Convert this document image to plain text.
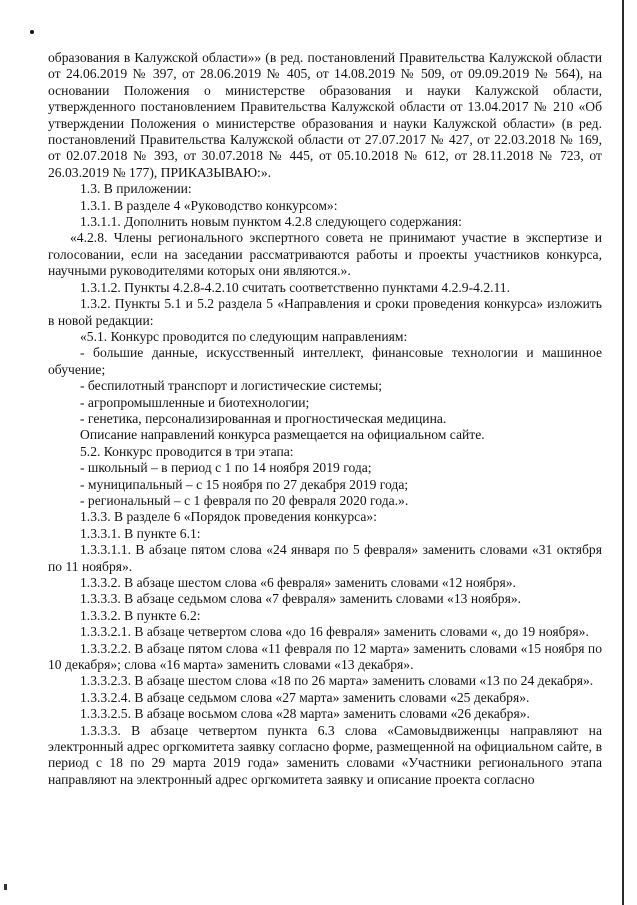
образования в Калужской области»» (в ред. постановлений Правительства Калужской области от 24.06.2019 № 397, от 28.06.2019 № 405, от 14.08.2019 № 509, от 09.09.2019 № 564), на основании Положения о министерстве образования и науки Калужской области, утвержденного постановлением Правительства Калужской области от 13.04.2017 № 210 «Об утверждении Положения о министерстве образования и науки Калужской области» (в ред. постановлений Правительства Калужской области от 27.07.2017 № 427, от 22.03.2018 № 169, от 02.07.2018 № 393, от 30.07.2018 № 445, от 05.10.2018 № 612, от 28.11.2018 № 723, от 26.03.2019 № 177), ПРИКАЗЫВАЮ:».

1.3. В приложении:

1.3.1. В разделе 4 «Руководство конкурсом»:

1.3.1.1. Дополнить новым пунктом 4.2.8 следующего содержания:

«4.2.8. Члены регионального экспертного совета не принимают участие в экспертизе и голосовании, если на заседании рассматриваются работы и проекты участников конкурса, научными руководителями которых они являются.».

1.3.1.2. Пункты 4.2.8-4.2.10 считать соответственно пунктами 4.2.9-4.2.11.

1.3.2. Пункты 5.1 и 5.2 раздела 5 «Направления и сроки проведения конкурса» изложить в новой редакции:

«5.1. Конкурс проводится по следующим направлениям:

- большие данные, искусственный интеллект, финансовые технологии и машинное обучение;

- беспилотный транспорт и логистические системы;

- агропромышленные и биотехнологии;

- генетика, персонализированная и прогностическая медицина.

Описание направлений конкурса размещается на официальном сайте.

5.2. Конкурс проводится в три этапа:

- школьный – в период с 1 по 14 ноября 2019 года;

- муниципальный – с 15 ноября по 27 декабря 2019 года;

- региональный – с 1 февраля по 20 февраля 2020 года.».

1.3.3. В разделе 6 «Порядок проведения конкурса»:

1.3.3.1. В пункте 6.1:

1.3.3.1.1. В абзаце пятом слова «24 января по 5 февраля» заменить словами «31 октября по 11 ноября».

1.3.3.2. В абзаце шестом слова «6 февраля» заменить словами «12 ноября».

1.3.3.3. В абзаце седьмом слова «7 февраля» заменить словами «13 ноября».

1.3.3.2. В пункте 6.2:

1.3.3.2.1. В абзаце четвертом слова «до 16 февраля» заменить словами «, до 19 ноября».

1.3.3.2.2. В абзаце пятом слова «11 февраля по 12 марта» заменить словами «15 ноября по 10 декабря»; слова «16 марта» заменить словами «13 декабря».

1.3.3.2.3. В абзаце шестом слова «18 по 26 марта» заменить словами «13 по 24 декабря».

1.3.3.2.4. В абзаце седьмом слова «27 марта» заменить словами «25 декабря».

1.3.3.2.5. В абзаце восьмом слова «28 марта» заменить словами «26 декабря».

1.3.3.3. В абзаце четвертом пункта 6.3 слова «Самовыдвиженцы направляют на электронный адрес оргкомитета заявку согласно форме, размещенной на официальном сайте, в период с 18 по 29 марта 2019 года» заменить словами «Участники регионального этапа направляют на электронный адрес оргкомитета заявку и описание проекта согласно
